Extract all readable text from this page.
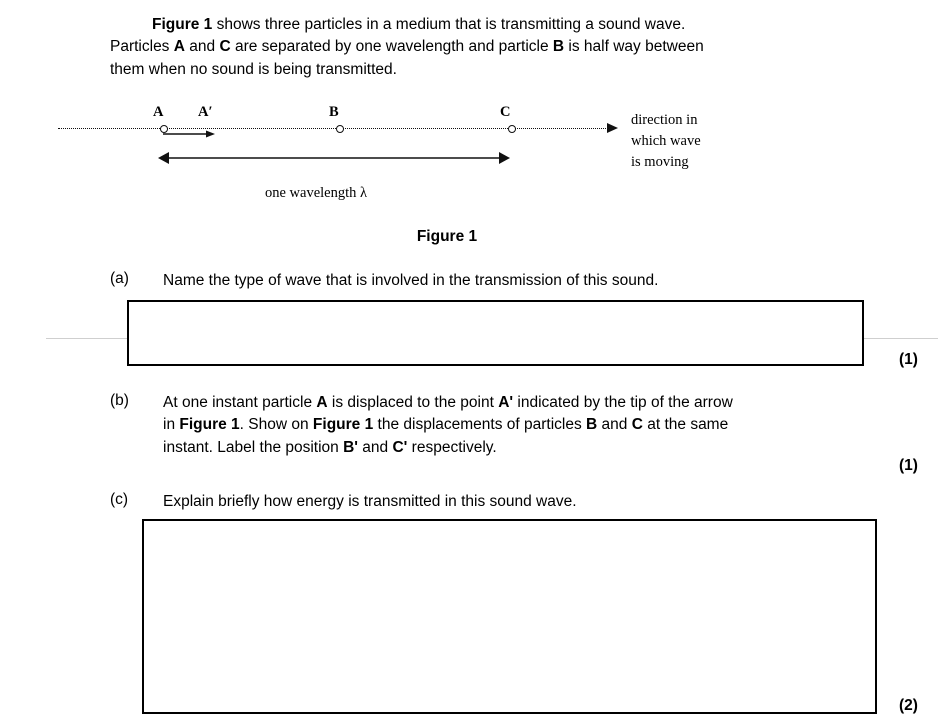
Figure 1 shows three particles in a medium that is transmitting a sound wave.
Particles A and C are separated by one wavelength and particle B is half way between
them when no sound is being transmitted.
A A′	B	C
one wavelength λ
direction in
which wave
is moving
Figure 1
(a) Name the type of wave that is involved in the transmission of this sound.
(1)
(b) At one instant particle A is displaced to the point A' indicated by the tip of the arrow
in Figure 1. Show on Figure 1 the displacements of particles B and C at the same
instant. Label the position B' and C' respectively.
(1)
(c) Explain briefly how energy is transmitted in this sound wave.
(2)
